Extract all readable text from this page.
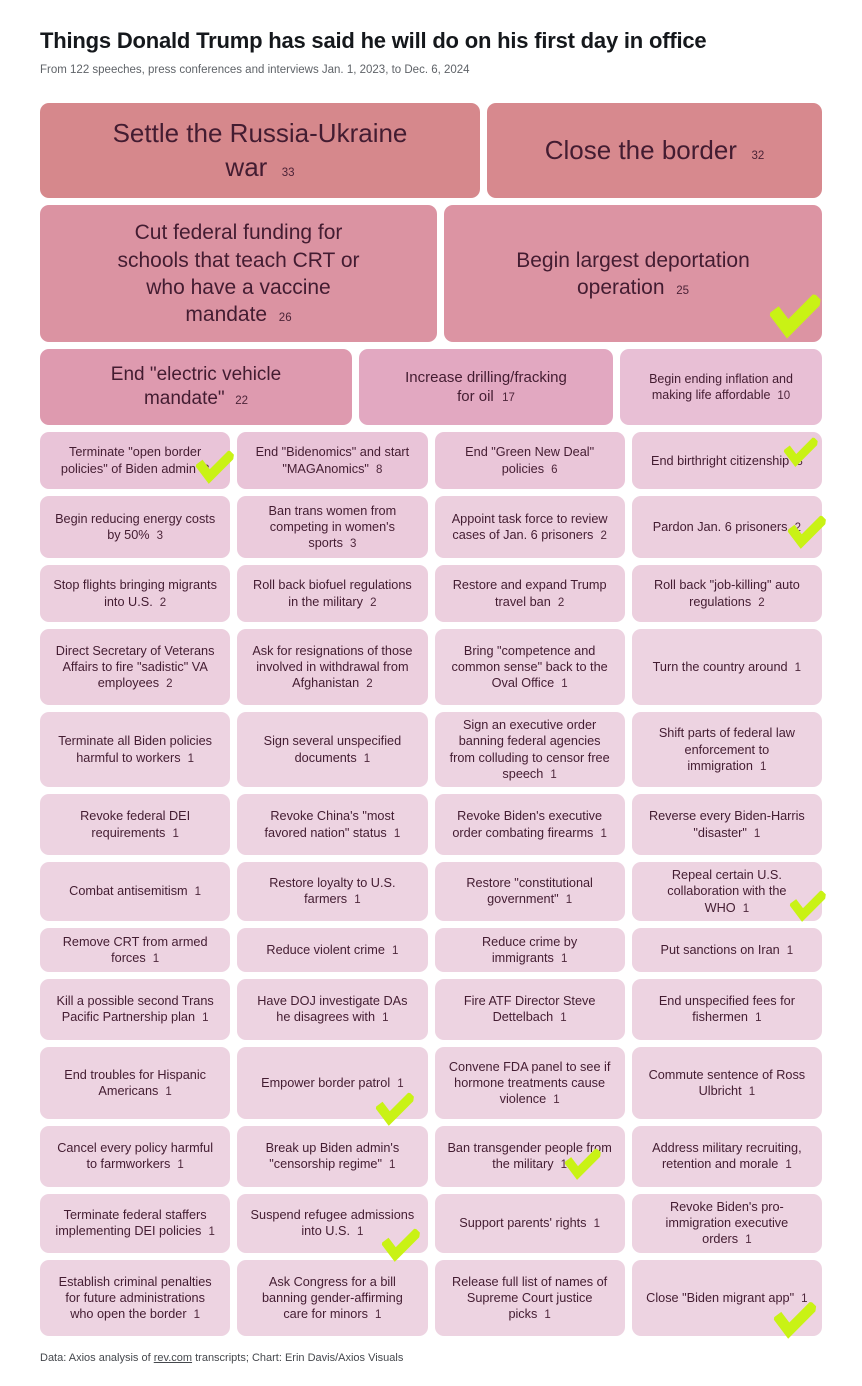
Things Donald Trump has said he will do on his first day in office

From 122 speeches, press conferences and interviews Jan. 1, 2023, to Dec. 6, 2024

Settle the Russia-Ukraine war 33
Close the border 32
Cut federal funding for schools that teach CRT or who have a vaccine mandate 26
Begin largest deportation operation 25
End "electric vehicle mandate" 22
Increase drilling/fracking for oil 17
Begin ending inflation and making life affordable 10
Terminate "open border policies" of Biden admin 8
End "Bidenomics" and start "MAGAnomics" 8
End "Green New Deal" policies 6
End birthright citizenship 3
Begin reducing energy costs by 50% 3
Ban trans women from competing in women's sports 3
Appoint task force to review cases of Jan. 6 prisoners 2
Pardon Jan. 6 prisoners 2
Stop flights bringing migrants into U.S. 2
Roll back biofuel regulations in the military 2
Restore and expand Trump travel ban 2
Roll back "job-killing" auto regulations 2
Direct Secretary of Veterans Affairs to fire "sadistic" VA employees 2
Ask for resignations of those involved in withdrawal from Afghanistan 2
Bring "competence and common sense" back to the Oval Office 1
Turn the country around 1
Terminate all Biden policies harmful to workers 1
Sign several unspecified documents 1
Sign an executive order banning federal agencies from colluding to censor free speech 1
Shift parts of federal law enforcement to immigration 1
Revoke federal DEI requirements 1
Revoke China's "most favored nation" status 1
Revoke Biden's executive order combating firearms 1
Reverse every Biden-Harris "disaster" 1
Combat antisemitism 1
Restore loyalty to U.S. farmers 1
Restore "constitutional government" 1
Repeal certain U.S. collaboration with the WHO 1
Remove CRT from armed forces 1
Reduce violent crime 1
Reduce crime by immigrants 1
Put sanctions on Iran 1
Kill a possible second Trans Pacific Partnership plan 1
Have DOJ investigate DAs he disagrees with 1
Fire ATF Director Steve Dettelbach 1
End unspecified fees for fishermen 1
End troubles for Hispanic Americans 1
Empower border patrol 1
Convene FDA panel to see if hormone treatments cause violence 1
Commute sentence of Ross Ulbricht 1
Cancel every policy harmful to farmworkers 1
Break up Biden admin's "censorship regime" 1
Ban transgender people from the military 1
Address military recruiting, retention and morale 1
Terminate federal staffers implementing DEI policies 1
Suspend refugee admissions into U.S. 1
Support parents' rights 1
Revoke Biden's pro-immigration executive orders 1
Establish criminal penalties for future administrations who open the border 1
Ask Congress for a bill banning gender-affirming care for minors 1
Release full list of names of Supreme Court justice picks 1
Close "Biden migrant app" 1

Data: Axios analysis of rev.com transcripts; Chart: Erin Davis/Axios Visuals
